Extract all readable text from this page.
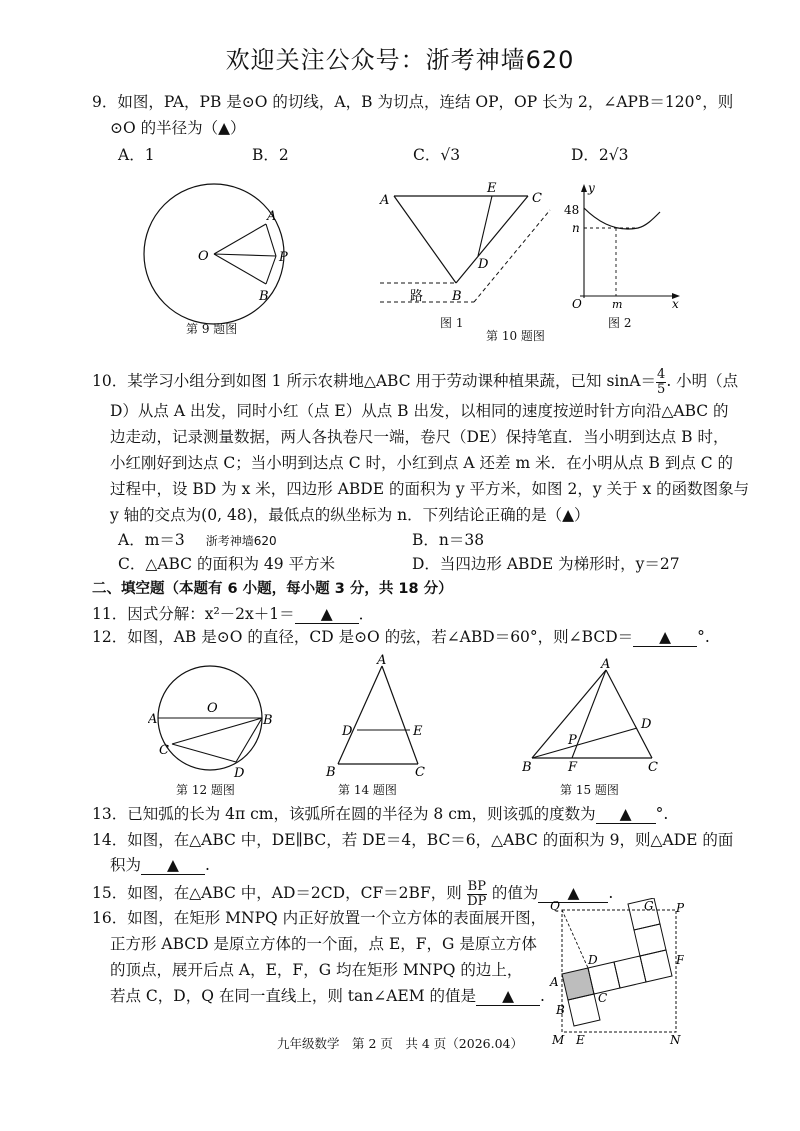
欢迎关注公众号：浙考神墙620
9．如图，PA，PB 是⊙O 的切线，A，B 为切点，连结 OP，OP 长为 2，∠APB＝120°，则
⊙O 的半径为（▲）
A．1	B．2	C．√3	D．2√3
O
A
P
B
第 9 题图
A
E
C
D
B
路
图 1
第 10 题图
48
n
y
O	m	x
图 2
10．某学习小组分到如图 1 所示农耕地△ABC 用于劳动课种植果蔬，已知 $\sin A= \frac{4}{5}$ . 小明（点
D）从点 A 出发，同时小红（点 E）从点 B 出发，以相同的速度按逆时针方向沿△ABC 的
边走动，记录测量数据，两人各执卷尺一端，卷尺（DE）保持笔直．当小明到达点 B 时，
小红刚好到达点 C；当小明到达点 C 时，小红到点 A 还差 m 米．在小明从点 B 到点 C 的
过程中，设 BD 为 x 米，四边形 ABDE 的面积为 y 平方米，如图 2，y 关于 x 的函数图象与
y 轴的交点为(0, 48)，最低点的纵坐标为 n．下列结论正确的是（▲）
A．m＝3 浙考神墙620	B．n＝38
C．△ABC 的面积为 49 平方米	D．当四边形 ABDE 为梯形时，y＝27
二、填空题（本题有 6 小题，每小题 3 分，共 18 分）
11．因式分解：x²－2x＋1＝ ▲ ．
12．如图，AB 是⊙O 的直径，CD 是⊙O 的弦，若∠ABD＝60°，则∠BCD＝ ▲ °.
O
A	B
C
D
第 12 题图
A
D	E
B	C
第 14 题图
A
D
P
B	F	C
第 15 题图
13．已知弧的长为 4π cm，该弧所在圆的半径为 8 cm，则该弧的度数为 ▲ °.
14．如图，在△ABC 中，DE∥BC，若 DE＝4，BC＝6，△ABC 的面积为 9，则△ADE 的面
积为 ▲ .
15．如图，在△ABC 中，AD＝2CD，CF＝2BF，则 $\frac{BP}{DP}$ 的值为 ▲ .
16．如图，在矩形 MNPQ 内正好放置一个立方体的表面展开图，
正方形 ABCD 是原立方体的一个面，点 E，F，G 是原立方体
的顶点，展开后点 A，E，F，G 均在矩形 MNPQ 的边上，
若点 C，D，Q 在同一直线上，则 tan∠AEM 的值是 ▲ .
Q	G P
D	F
A
C
B
M E	N
九年级数学　第 2 页　共 4 页（2026.04）
